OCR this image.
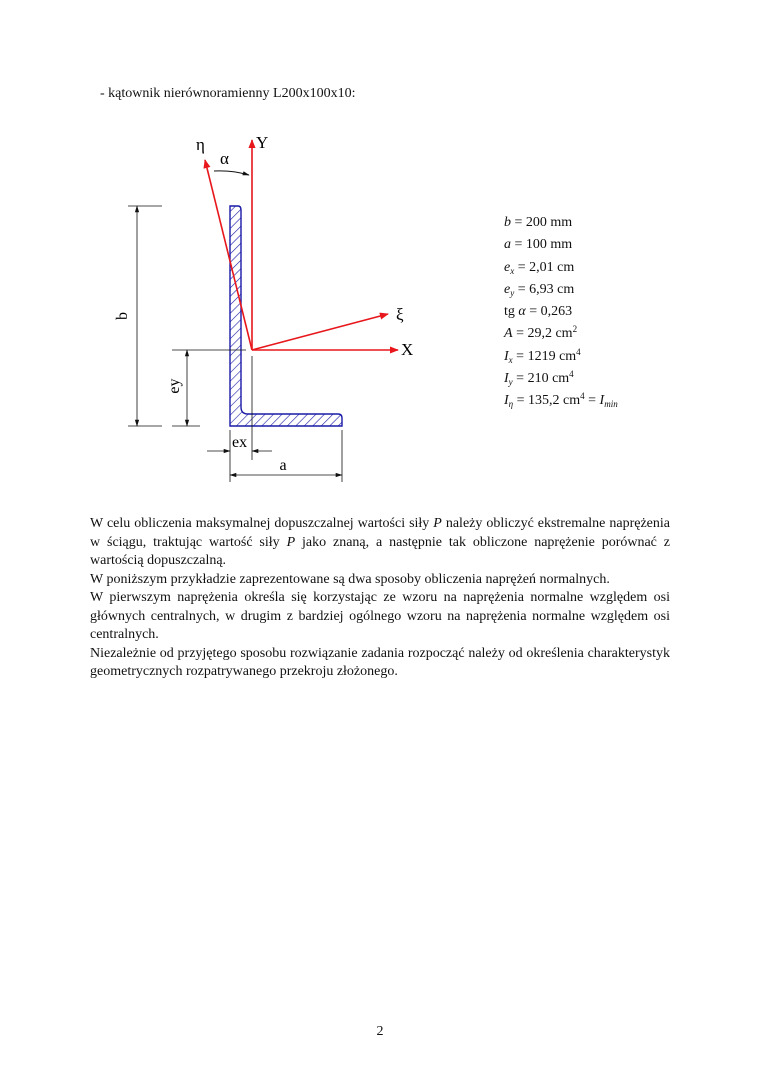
- kątownik nierównoramienny L200x100x10:
η	Y
α
ξ
X
b
ey
ex
a
b = 200 mm
a = 100 mm
$e_x = 2,01$ cm
$e_y = 6,93$ cm
tg α = 0,263
A = 29,2 $cm^2$
$I_x = 1219$ $cm^4$
$I_y = 210$ $cm^4$
$I_\eta = 135,2$ $cm^4 = I_{min}$

W celu obliczenia maksymalnej dopuszczalnej wartości siły P należy obliczyć ekstremalne naprężenia w ściągu, traktując wartość siły P jako znaną, a następnie tak obliczone naprężenie porównać z wartością dopuszczalną.

W poniższym przykładzie zaprezentowane są dwa sposoby obliczenia naprężeń normalnych.

W pierwszym naprężenia określa się korzystając ze wzoru na naprężenia normalne względem osi głównych centralnych, w drugim z bardziej ogólnego wzoru na naprężenia normalne względem osi centralnych.

Niezależnie od przyjętego sposobu rozwiązanie zadania rozpocząć należy od określenia charakterystyk geometrycznych rozpatrywanego przekroju złożonego.

2
